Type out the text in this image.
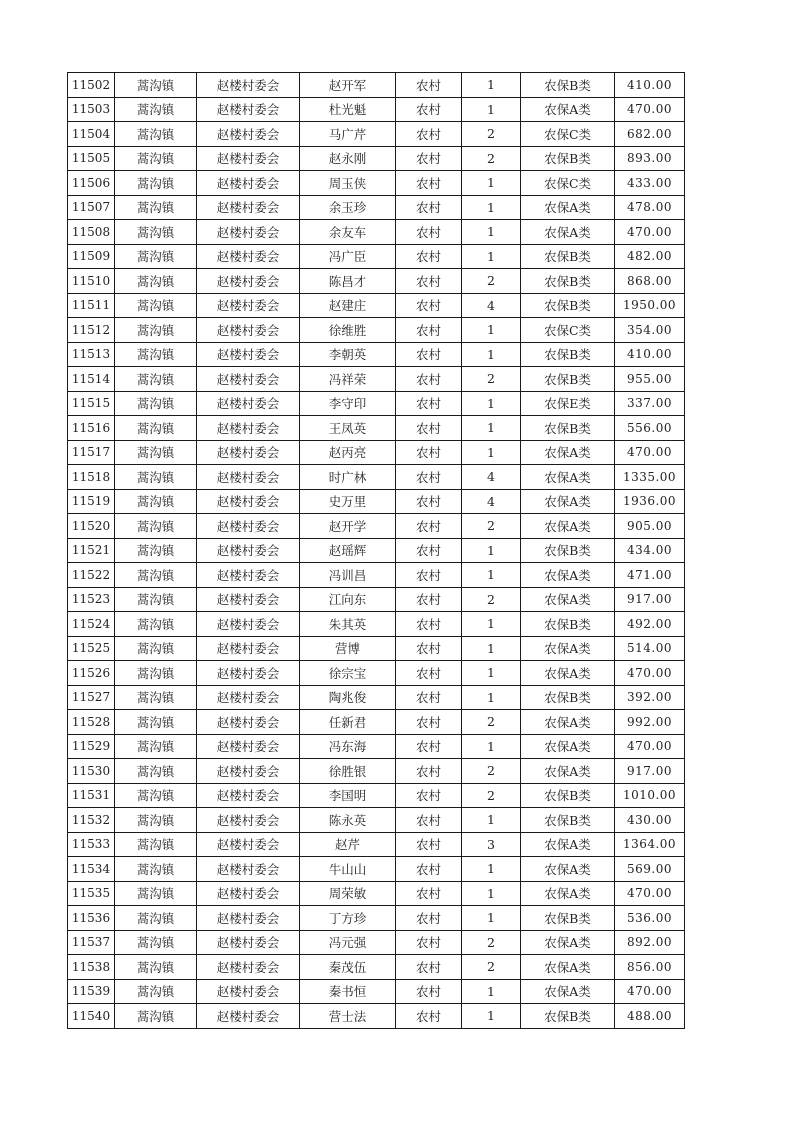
11502	蒿沟镇	赵楼村委会	赵开军	农村	1	农保B类	410.00
11503	蒿沟镇	赵楼村委会	杜光魁	农村	1	农保A类	470.00
11504	蒿沟镇	赵楼村委会	马广芹	农村	2	农保C类	682.00
11505	蒿沟镇	赵楼村委会	赵永刚	农村	2	农保B类	893.00
11506	蒿沟镇	赵楼村委会	周玉侠	农村	1	农保C类	433.00
11507	蒿沟镇	赵楼村委会	余玉珍	农村	1	农保A类	478.00
11508	蒿沟镇	赵楼村委会	余友车	农村	1	农保A类	470.00
11509	蒿沟镇	赵楼村委会	冯广臣	农村	1	农保B类	482.00
11510	蒿沟镇	赵楼村委会	陈昌才	农村	2	农保B类	868.00
11511	蒿沟镇	赵楼村委会	赵建庄	农村	4	农保B类	1950.00
11512	蒿沟镇	赵楼村委会	徐维胜	农村	1	农保C类	354.00
11513	蒿沟镇	赵楼村委会	李朝英	农村	1	农保B类	410.00
11514	蒿沟镇	赵楼村委会	冯祥荣	农村	2	农保B类	955.00
11515	蒿沟镇	赵楼村委会	李守印	农村	1	农保E类	337.00
11516	蒿沟镇	赵楼村委会	王凤英	农村	1	农保B类	556.00
11517	蒿沟镇	赵楼村委会	赵丙亮	农村	1	农保A类	470.00
11518	蒿沟镇	赵楼村委会	时广林	农村	4	农保A类	1335.00
11519	蒿沟镇	赵楼村委会	史万里	农村	4	农保A类	1936.00
11520	蒿沟镇	赵楼村委会	赵开学	农村	2	农保A类	905.00
11521	蒿沟镇	赵楼村委会	赵瑶辉	农村	1	农保B类	434.00
11522	蒿沟镇	赵楼村委会	冯训昌	农村	1	农保A类	471.00
11523	蒿沟镇	赵楼村委会	江向东	农村	2	农保A类	917.00
11524	蒿沟镇	赵楼村委会	朱其英	农村	1	农保B类	492.00
11525	蒿沟镇	赵楼村委会	营博	农村	1	农保A类	514.00
11526	蒿沟镇	赵楼村委会	徐宗宝	农村	1	农保A类	470.00
11527	蒿沟镇	赵楼村委会	陶兆俊	农村	1	农保B类	392.00
11528	蒿沟镇	赵楼村委会	任新君	农村	2	农保A类	992.00
11529	蒿沟镇	赵楼村委会	冯东海	农村	1	农保A类	470.00
11530	蒿沟镇	赵楼村委会	徐胜银	农村	2	农保A类	917.00
11531	蒿沟镇	赵楼村委会	李国明	农村	2	农保B类	1010.00
11532	蒿沟镇	赵楼村委会	陈永英	农村	1	农保B类	430.00
11533	蒿沟镇	赵楼村委会	赵芹	农村	3	农保A类	1364.00
11534	蒿沟镇	赵楼村委会	牛山山	农村	1	农保A类	569.00
11535	蒿沟镇	赵楼村委会	周荣敏	农村	1	农保A类	470.00
11536	蒿沟镇	赵楼村委会	丁方珍	农村	1	农保B类	536.00
11537	蒿沟镇	赵楼村委会	冯元强	农村	2	农保A类	892.00
11538	蒿沟镇	赵楼村委会	秦茂伍	农村	2	农保A类	856.00
11539	蒿沟镇	赵楼村委会	秦书恒	农村	1	农保A类	470.00
11540	蒿沟镇	赵楼村委会	营士法	农村	1	农保B类	488.00
